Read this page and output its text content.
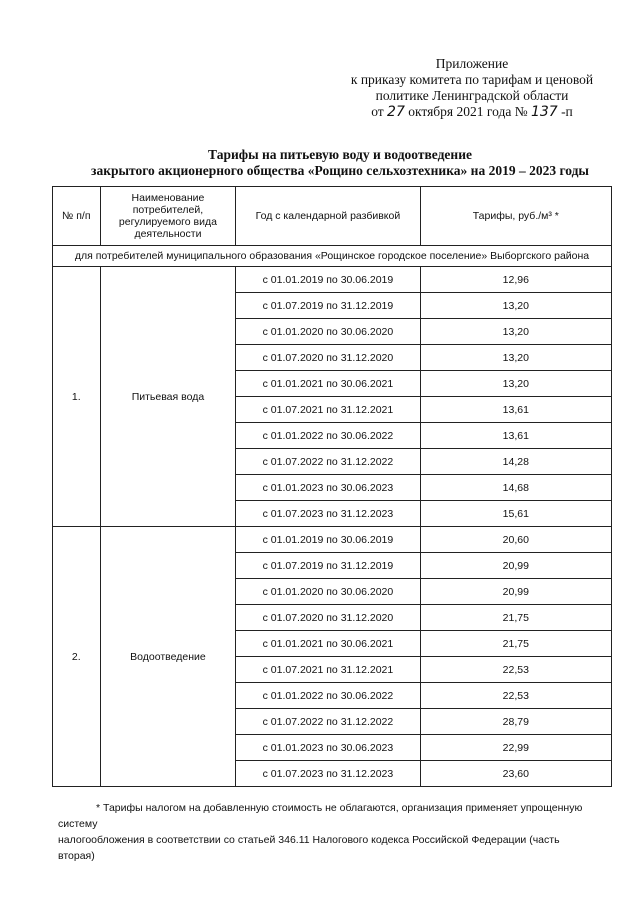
Приложение
к приказу комитета по тарифам и ценовой
политике Ленинградской области
от 27 октября 2021 года № 137 -п
Тарифы на питьевую воду и водоотведение
закрытого акционерного общества «Рощино сельхозтехника» на 2019 – 2023 годы
№ п/п	Наименование потребителей, регулируемого вида деятельности	Год с календарной разбивкой	Тарифы, руб./м³ *
для потребителей муниципального образования «Рощинское городское поселение» Выборгского района			
1.	Питьевая вода	с 01.01.2019 по 30.06.2019	12,96
		с 01.07.2019 по 31.12.2019	13,20
		с 01.01.2020 по 30.06.2020	13,20
		с 01.07.2020 по 31.12.2020	13,20
		с 01.01.2021 по 30.06.2021	13,20
		с 01.07.2021 по 31.12.2021	13,61
		с 01.01.2022 по 30.06.2022	13,61
		с 01.07.2022 по 31.12.2022	14,28
		с 01.01.2023 по 30.06.2023	14,68
		с 01.07.2023 по 31.12.2023	15,61
2.	Водоотведение	с 01.01.2019 по 30.06.2019	20,60
		с 01.07.2019 по 31.12.2019	20,99
		с 01.01.2020 по 30.06.2020	20,99
		с 01.07.2020 по 31.12.2020	21,75
		с 01.01.2021 по 30.06.2021	21,75
		с 01.07.2021 по 31.12.2021	22,53
		с 01.01.2022 по 30.06.2022	22,53
		с 01.07.2022 по 31.12.2022	28,79
		с 01.01.2023 по 30.06.2023	22,99
		с 01.07.2023 по 31.12.2023	23,60

* Тарифы налогом на добавленную стоимость не облагаются, организация применяет упрощенную систему

налогообложения в соответствии со статьей 346.11 Налогового кодекса Российской Федерации (часть вторая)
